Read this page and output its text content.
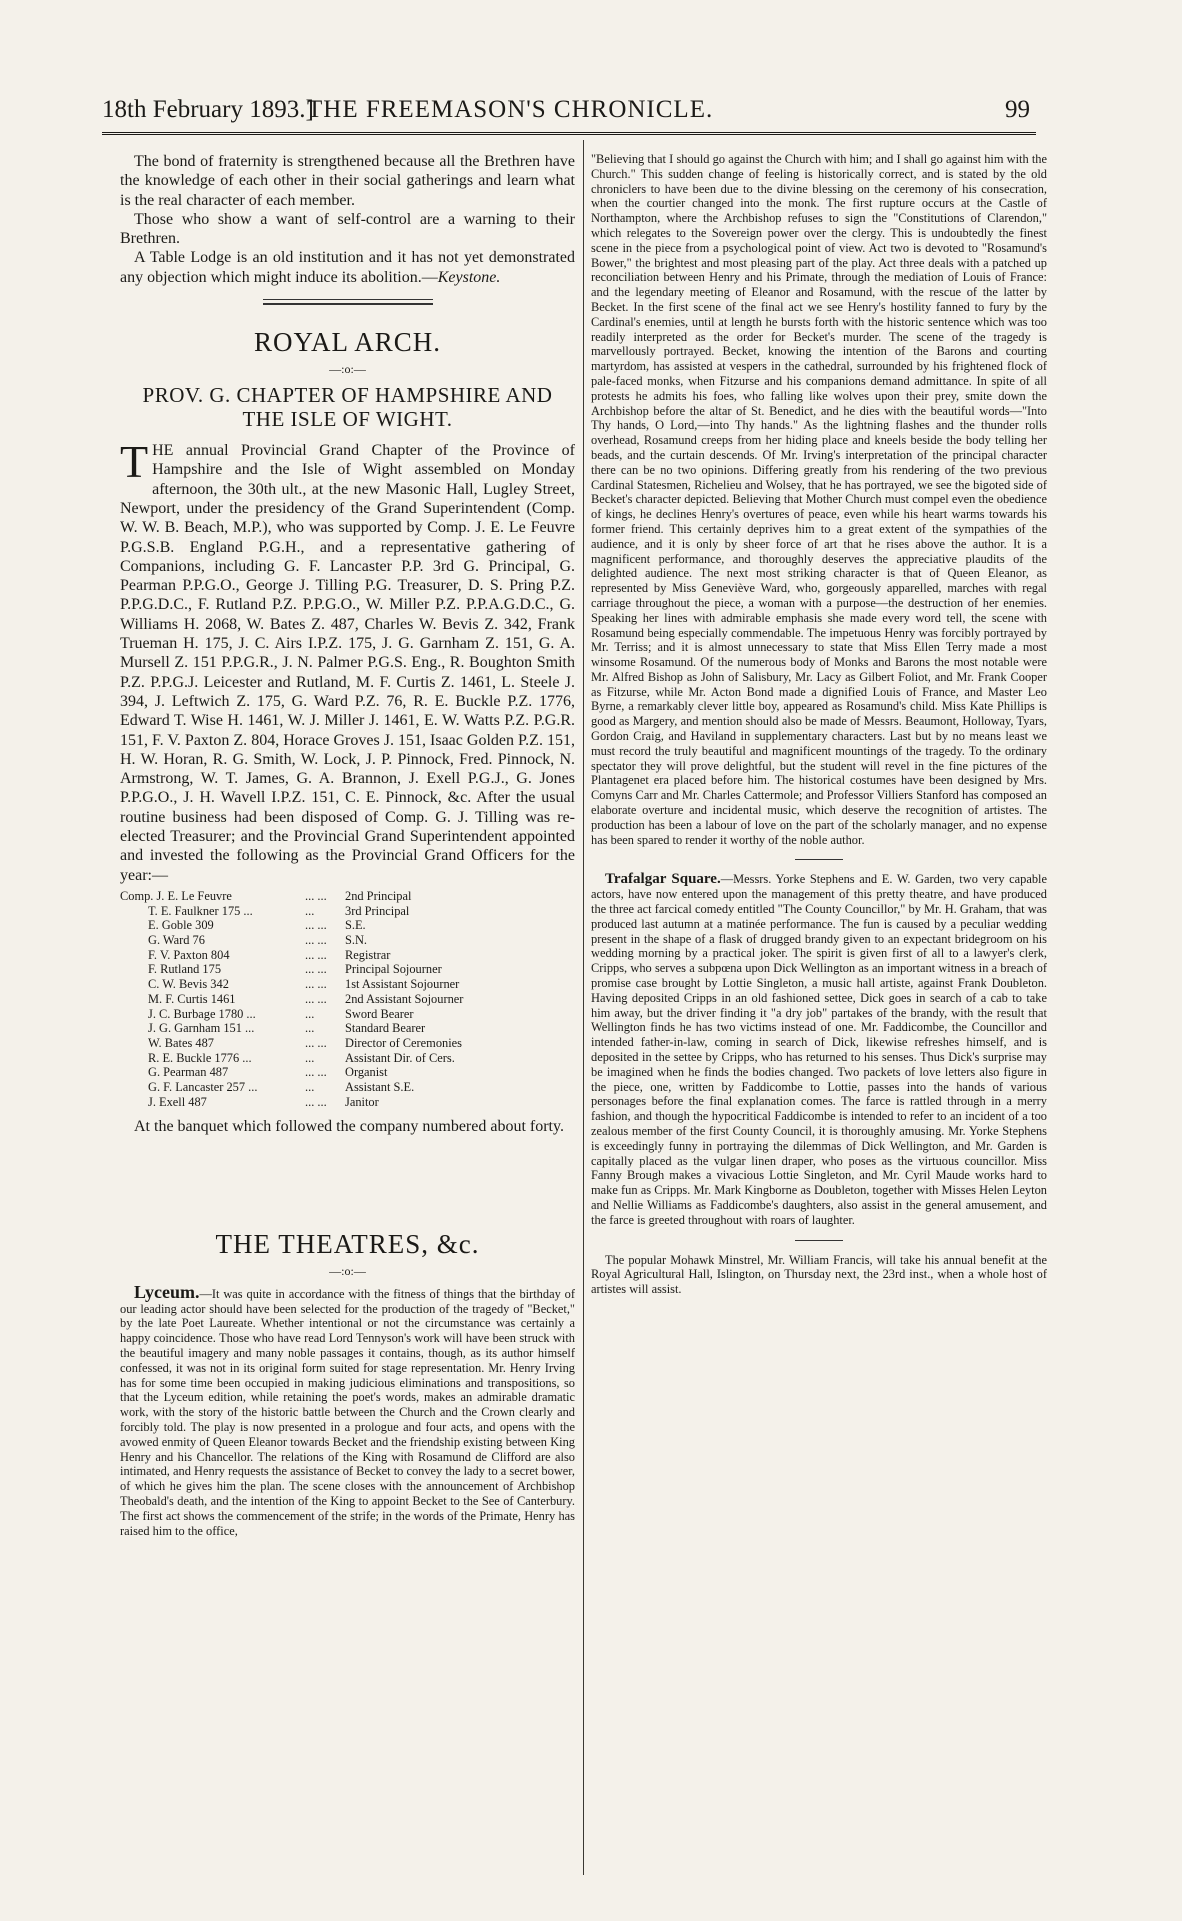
18th February 1893.]
THE FREEMASON'S CHRONICLE.	99

The bond of fraternity is strengthened because all the Brethren have the knowledge of each other in their social gatherings and learn what is the real character of each member.

Those who show a want of self-control are a warning to their Brethren.

A Table Lodge is an old institution and it has not yet demonstrated any objection which might induce its abolition.—Keystone.

ROYAL ARCH.
—:o:—
PROV. G. CHAPTER OF HAMPSHIRE AND THE ISLE OF WIGHT.

THE annual Provincial Grand Chapter of the Province of Hampshire and the Isle of Wight assembled on Monday afternoon, the 30th ult., at the new Masonic Hall, Lugley Street, Newport, under the presidency of the Grand Superintendent (Comp. W. W. B. Beach, M.P.), who was supported by Comp. J. E. Le Feuvre P.G.S.B. England P.G.H., and a representative gathering of Companions, including G. F. Lancaster P.P. 3rd G. Principal, G. Pearman P.P.G.O., George J. Tilling P.G. Treasurer, D. S. Pring P.Z. P.P.G.D.C., F. Rutland P.Z. P.P.G.O., W. Miller P.Z. P.P.A.G.D.C., G. Williams H. 2068, W. Bates Z. 487, Charles W. Bevis Z. 342, Frank Trueman H. 175, J. C. Airs I.P.Z. 175, J. G. Garnham Z. 151, G. A. Mursell Z. 151 P.P.G.R., J. N. Palmer P.G.S. Eng., R. Boughton Smith P.Z. P.P.G.J. Leicester and Rutland, M. F. Curtis Z. 1461, L. Steele J. 394, J. Leftwich Z. 175, G. Ward P.Z. 76, R. E. Buckle P.Z. 1776, Edward T. Wise H. 1461, W. J. Miller J. 1461, E. W. Watts P.Z. P.G.R. 151, F. V. Paxton Z. 804, Horace Groves J. 151, Isaac Golden P.Z. 151, H. W. Horan, R. G. Smith, W. Lock, J. P. Pinnock, Fred. Pinnock, N. Armstrong, W. T. James, G. A. Brannon, J. Exell P.G.J., G. Jones P.P.G.O., J. H. Wavell I.P.Z. 151, C. E. Pinnock, &c. After the usual routine business had been disposed of Comp. G. J. Tilling was re-elected Treasurer; and the Provincial Grand Superintendent appointed and invested the following as the Provincial Grand Officers for the year:—

Comp. J. E. Le Feuvre	... ...	2nd Principal
T. E. Faulkner 175 ...	...	3rd Principal
E. Goble 309	... ...	S.E.
G. Ward 76	... ...	S.N.
F. V. Paxton 804	... ...	Registrar
F. Rutland 175	... ...	Principal Sojourner
C. W. Bevis 342	... ...	1st Assistant Sojourner
M. F. Curtis 1461	... ...	2nd Assistant Sojourner
J. C. Burbage 1780 ...	...	Sword Bearer
J. G. Garnham 151 ...	...	Standard Bearer
W. Bates 487	... ...	Director of Ceremonies
R. E. Buckle 1776 ...	...	Assistant Dir. of Cers.
G. Pearman 487	... ...	Organist
G. F. Lancaster 257 ...	...	Assistant S.E.
J. Exell 487	... ...	Janitor

At the banquet which followed the company numbered about forty.

THE THEATRES, &c.
—:o:—

Lyceum.—It was quite in accordance with the fitness of things that the birthday of our leading actor should have been selected for the production of the tragedy of "Becket," by the late Poet Laureate. Whether intentional or not the circumstance was certainly a happy coincidence. Those who have read Lord Tennyson's work will have been struck with the beautiful imagery and many noble passages it contains, though, as its author himself confessed, it was not in its original form suited for stage representation. Mr. Henry Irving has for some time been occupied in making judicious eliminations and transpositions, so that the Lyceum edition, while retaining the poet's words, makes an admirable dramatic work, with the story of the historic battle between the Church and the Crown clearly and forcibly told. The play is now presented in a prologue and four acts, and opens with the avowed enmity of Queen Eleanor towards Becket and the friendship existing between King Henry and his Chancellor. The relations of the King with Rosamund de Clifford are also intimated, and Henry requests the assistance of Becket to convey the lady to a secret bower, of which he gives him the plan. The scene closes with the announcement of Archbishop Theobald's death, and the intention of the King to appoint Becket to the See of Canterbury. The first act shows the commencement of the strife; in the words of the Primate, Henry has raised him to the office,

"Believing that I should go against the Church with him; and I shall go against him with the Church." This sudden change of feeling is historically correct, and is stated by the old chroniclers to have been due to the divine blessing on the ceremony of his consecration, when the courtier changed into the monk. The first rupture occurs at the Castle of Northampton, where the Archbishop refuses to sign the "Constitutions of Clarendon," which relegates to the Sovereign power over the clergy. This is undoubtedly the finest scene in the piece from a psychological point of view. Act two is devoted to "Rosamund's Bower," the brightest and most pleasing part of the play. Act three deals with a patched up reconciliation between Henry and his Primate, through the mediation of Louis of France: and the legendary meeting of Eleanor and Rosamund, with the rescue of the latter by Becket. In the first scene of the final act we see Henry's hostility fanned to fury by the Cardinal's enemies, until at length he bursts forth with the historic sentence which was too readily interpreted as the order for Becket's murder. The scene of the tragedy is marvellously portrayed. Becket, knowing the intention of the Barons and courting martyrdom, has assisted at vespers in the cathedral, surrounded by his frightened flock of pale-faced monks, when Fitzurse and his companions demand admittance. In spite of all protests he admits his foes, who falling like wolves upon their prey, smite down the Archbishop before the altar of St. Benedict, and he dies with the beautiful words—"Into Thy hands, O Lord,—into Thy hands." As the lightning flashes and the thunder rolls overhead, Rosamund creeps from her hiding place and kneels beside the body telling her beads, and the curtain descends. Of Mr. Irving's interpretation of the principal character there can be no two opinions. Differing greatly from his rendering of the two previous Cardinal Statesmen, Richelieu and Wolsey, that he has portrayed, we see the bigoted side of Becket's character depicted. Believing that Mother Church must compel even the obedience of kings, he declines Henry's overtures of peace, even while his heart warms towards his former friend. This certainly deprives him to a great extent of the sympathies of the audience, and it is only by sheer force of art that he rises above the author. It is a magnificent performance, and thoroughly deserves the appreciative plaudits of the delighted audience. The next most striking character is that of Queen Eleanor, as represented by Miss Geneviève Ward, who, gorgeously apparelled, marches with regal carriage throughout the piece, a woman with a purpose—the destruction of her enemies. Speaking her lines with admirable emphasis she made every word tell, the scene with Rosamund being especially commendable. The impetuous Henry was forcibly portrayed by Mr. Terriss; and it is almost unnecessary to state that Miss Ellen Terry made a most winsome Rosamund. Of the numerous body of Monks and Barons the most notable were Mr. Alfred Bishop as John of Salisbury, Mr. Lacy as Gilbert Foliot, and Mr. Frank Cooper as Fitzurse, while Mr. Acton Bond made a dignified Louis of France, and Master Leo Byrne, a remarkably clever little boy, appeared as Rosamund's child. Miss Kate Phillips is good as Margery, and mention should also be made of Messrs. Beaumont, Holloway, Tyars, Gordon Craig, and Haviland in supplementary characters. Last but by no means least we must record the truly beautiful and magnificent mountings of the tragedy. To the ordinary spectator they will prove delightful, but the student will revel in the fine pictures of the Plantagenet era placed before him. The historical costumes have been designed by Mrs. Comyns Carr and Mr. Charles Cattermole; and Professor Villiers Stanford has composed an elaborate overture and incidental music, which deserve the recognition of artistes. The production has been a labour of love on the part of the scholarly manager, and no expense has been spared to render it worthy of the noble author.

Trafalgar Square.—Messrs. Yorke Stephens and E. W. Garden, two very capable actors, have now entered upon the management of this pretty theatre, and have produced the three act farcical comedy entitled "The County Councillor," by Mr. H. Graham, that was produced last autumn at a matinée performance. The fun is caused by a peculiar wedding present in the shape of a flask of drugged brandy given to an expectant bridegroom on his wedding morning by a practical joker. The spirit is given first of all to a lawyer's clerk, Cripps, who serves a subpœna upon Dick Wellington as an important witness in a breach of promise case brought by Lottie Singleton, a music hall artiste, against Frank Doubleton. Having deposited Cripps in an old fashioned settee, Dick goes in search of a cab to take him away, but the driver finding it "a dry job" partakes of the brandy, with the result that Wellington finds he has two victims instead of one. Mr. Faddicombe, the Councillor and intended father-in-law, coming in search of Dick, likewise refreshes himself, and is deposited in the settee by Cripps, who has returned to his senses. Thus Dick's surprise may be imagined when he finds the bodies changed. Two packets of love letters also figure in the piece, one, written by Faddicombe to Lottie, passes into the hands of various personages before the final explanation comes. The farce is rattled through in a merry fashion, and though the hypocritical Faddicombe is intended to refer to an incident of a too zealous member of the first County Council, it is thoroughly amusing. Mr. Yorke Stephens is exceedingly funny in portraying the dilemmas of Dick Wellington, and Mr. Garden is capitally placed as the vulgar linen draper, who poses as the virtuous councillor. Miss Fanny Brough makes a vivacious Lottie Singleton, and Mr. Cyril Maude works hard to make fun as Cripps. Mr. Mark Kingborne as Doubleton, together with Misses Helen Leyton and Nellie Williams as Faddicombe's daughters, also assist in the general amusement, and the farce is greeted throughout with roars of laughter.

The popular Mohawk Minstrel, Mr. William Francis, will take his annual benefit at the Royal Agricultural Hall, Islington, on Thursday next, the 23rd inst., when a whole host of artistes will assist.
